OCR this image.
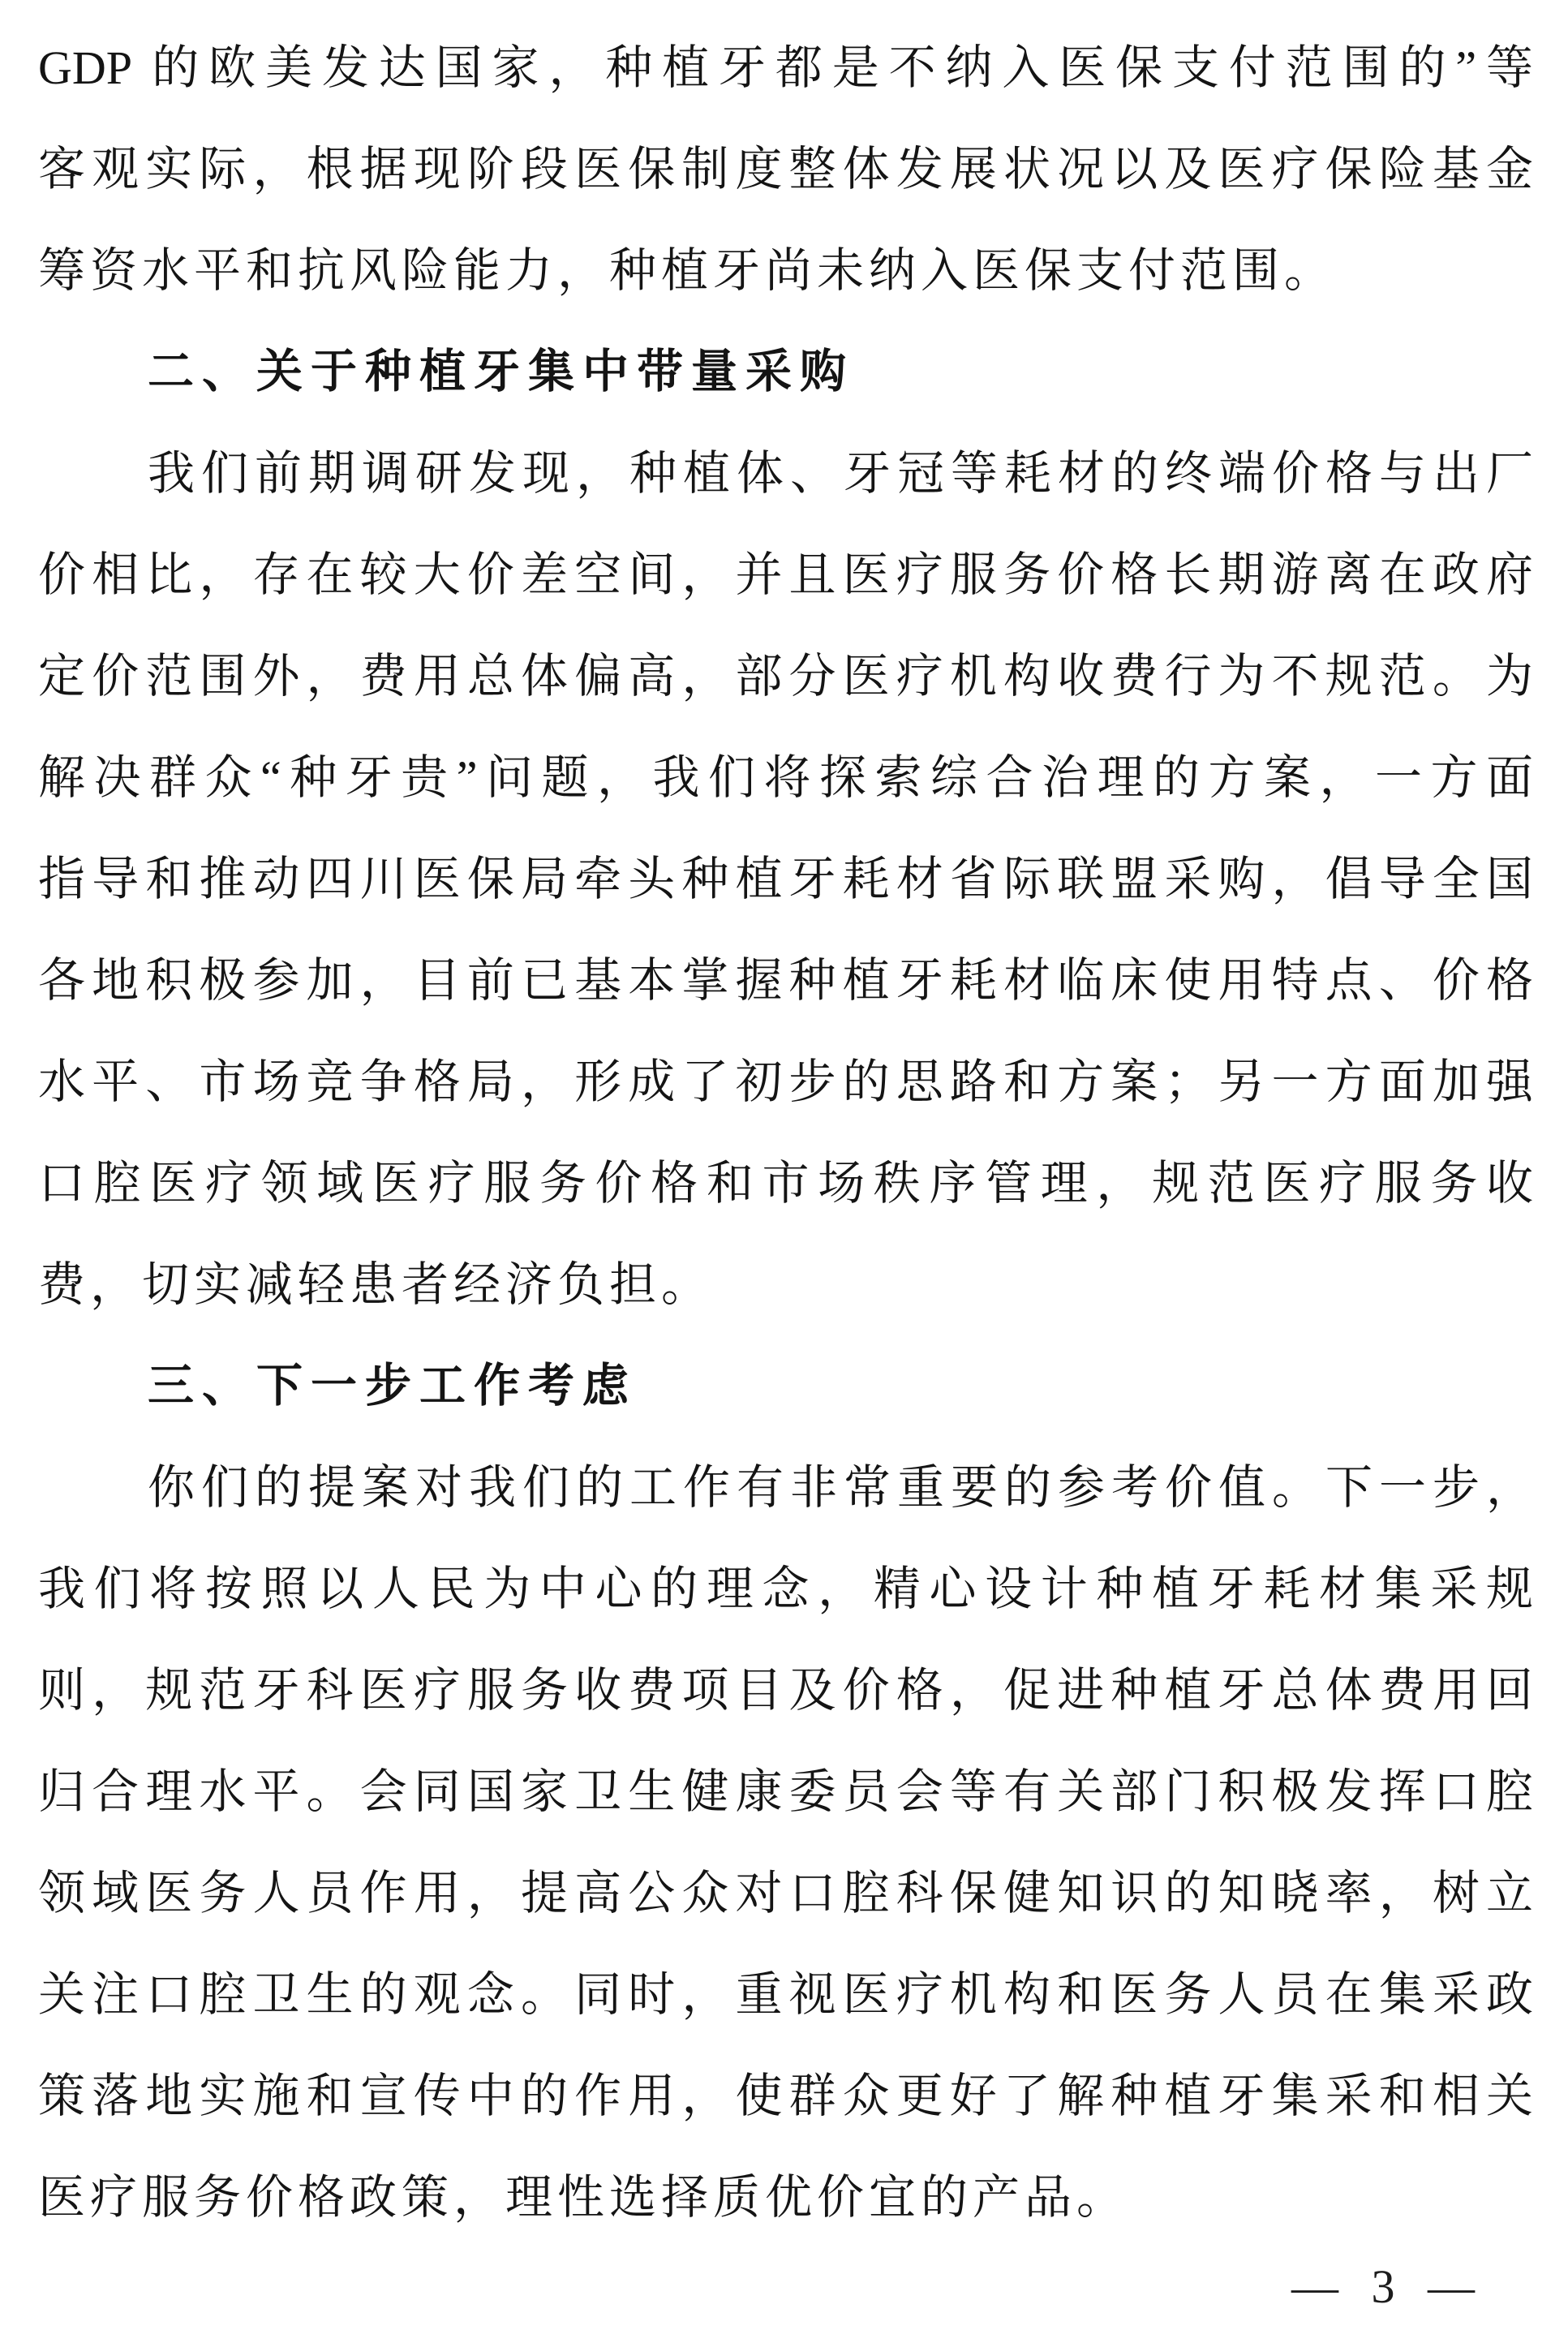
GDP 的欧美发达国家，种植牙都是不纳入医保支付范围的”等
客观实际，根据现阶段医保制度整体发展状况以及医疗保险基金
筹资水平和抗风险能力，种植牙尚未纳入医保支付范围。
二、关于种植牙集中带量采购
我们前期调研发现，种植体、牙冠等耗材的终端价格与出厂
价相比，存在较大价差空间，并且医疗服务价格长期游离在政府
定价范围外，费用总体偏高，部分医疗机构收费行为不规范。为
解决群众“种牙贵”问题，我们将探索综合治理的方案，一方面
指导和推动四川医保局牵头种植牙耗材省际联盟采购，倡导全国
各地积极参加，目前已基本掌握种植牙耗材临床使用特点、价格
水平、市场竞争格局，形成了初步的思路和方案；另一方面加强
口腔医疗领域医疗服务价格和市场秩序管理，规范医疗服务收
费，切实减轻患者经济负担。
三、下一步工作考虑
你们的提案对我们的工作有非常重要的参考价值。下一步，
我们将按照以人民为中心的理念，精心设计种植牙耗材集采规
则，规范牙科医疗服务收费项目及价格，促进种植牙总体费用回
归合理水平。会同国家卫生健康委员会等有关部门积极发挥口腔
领域医务人员作用，提高公众对口腔科保健知识的知晓率，树立
关注口腔卫生的观念。同时，重视医疗机构和医务人员在集采政
策落地实施和宣传中的作用，使群众更好了解种植牙集采和相关
医疗服务价格政策，理性选择质优价宜的产品。
— 3 —
